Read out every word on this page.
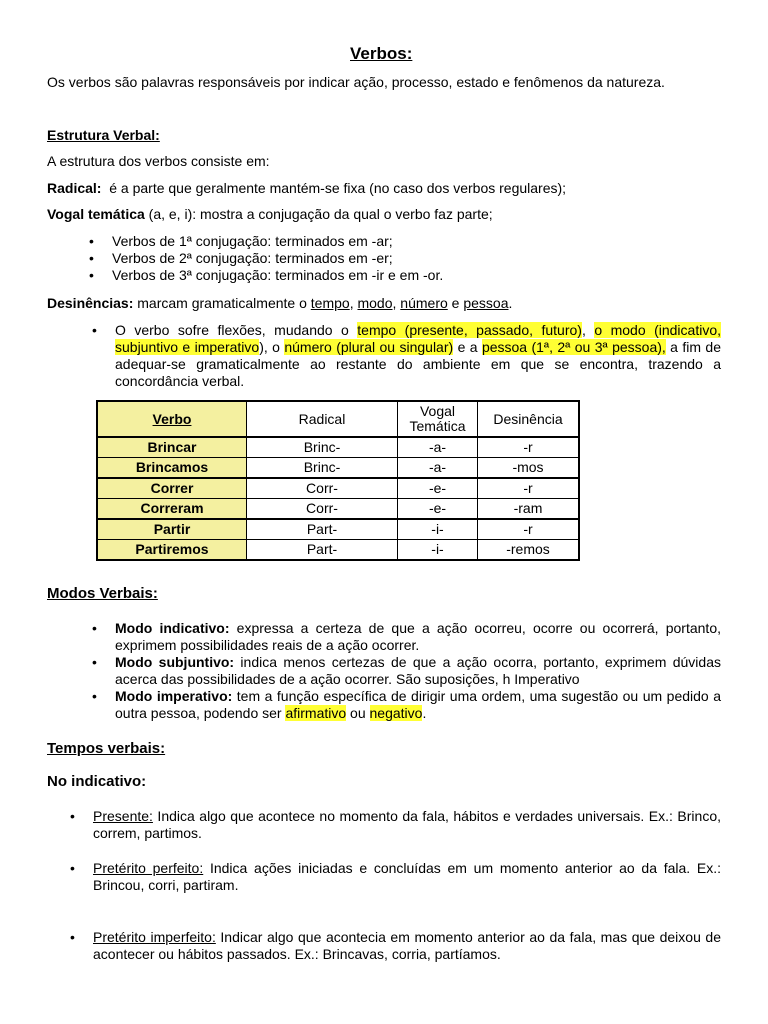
Verbos:
Os verbos são palavras responsáveis por indicar ação, processo, estado e fenômenos da natureza.
Estrutura Verbal:
A estrutura dos verbos consiste em:
Radical:  é a parte que geralmente mantém-se fixa (no caso dos verbos regulares);
Vogal temática (a, e, i): mostra a conjugação da qual o verbo faz parte;
• Verbos de 1ª conjugação: terminados em -ar;
• Verbos de 2ª conjugação: terminados em -er;
• Verbos de 3ª conjugação: terminados em -ir e em -or.
Desinências: marcam gramaticalmente o tempo, modo, número e pessoa.
• O verbo sofre flexões, mudando o tempo (presente, passado, futuro), o modo (indicativo, subjuntivo e imperativo), o número (plural ou singular) e a pessoa (1ª, 2ª ou 3ª pessoa), a fim de adequar-se gramaticalmente ao restante do ambiente em que se encontra, trazendo a concordância verbal.
Verbo	Radical	Vogal Temática	Desinência
Brincar	Brinc-	-a-	-r
Brincamos	Brinc-	-a-	-mos
Correr	Corr-	-e-	-r
Correram	Corr-	-e-	-ram
Partir	Part-	-i-	-r
Partiremos	Part-	-i-	-remos
Modos Verbais:
• Modo indicativo: expressa a certeza de que a ação ocorreu, ocorre ou ocorrerá, portanto, exprimem possibilidades reais de a ação ocorrer.
• Modo subjuntivo: indica menos certezas de que a ação ocorra, portanto, exprimem dúvidas acerca das possibilidades de a ação ocorrer. São suposições, h Imperativo
• Modo imperativo: tem a função específica de dirigir uma ordem, uma sugestão ou um pedido a outra pessoa, podendo ser afirmativo ou negativo.
Tempos verbais:
No indicativo:
• Presente: Indica algo que acontece no momento da fala, hábitos e verdades universais. Ex.: Brinco, correm, partimos.
• Pretérito perfeito: Indica ações iniciadas e concluídas em um momento anterior ao da fala. Ex.: Brincou, corri, partiram.
• Pretérito imperfeito: Indicar algo que acontecia em momento anterior ao da fala, mas que deixou de acontecer ou hábitos passados. Ex.: Brincavas, corria, partíamos.
